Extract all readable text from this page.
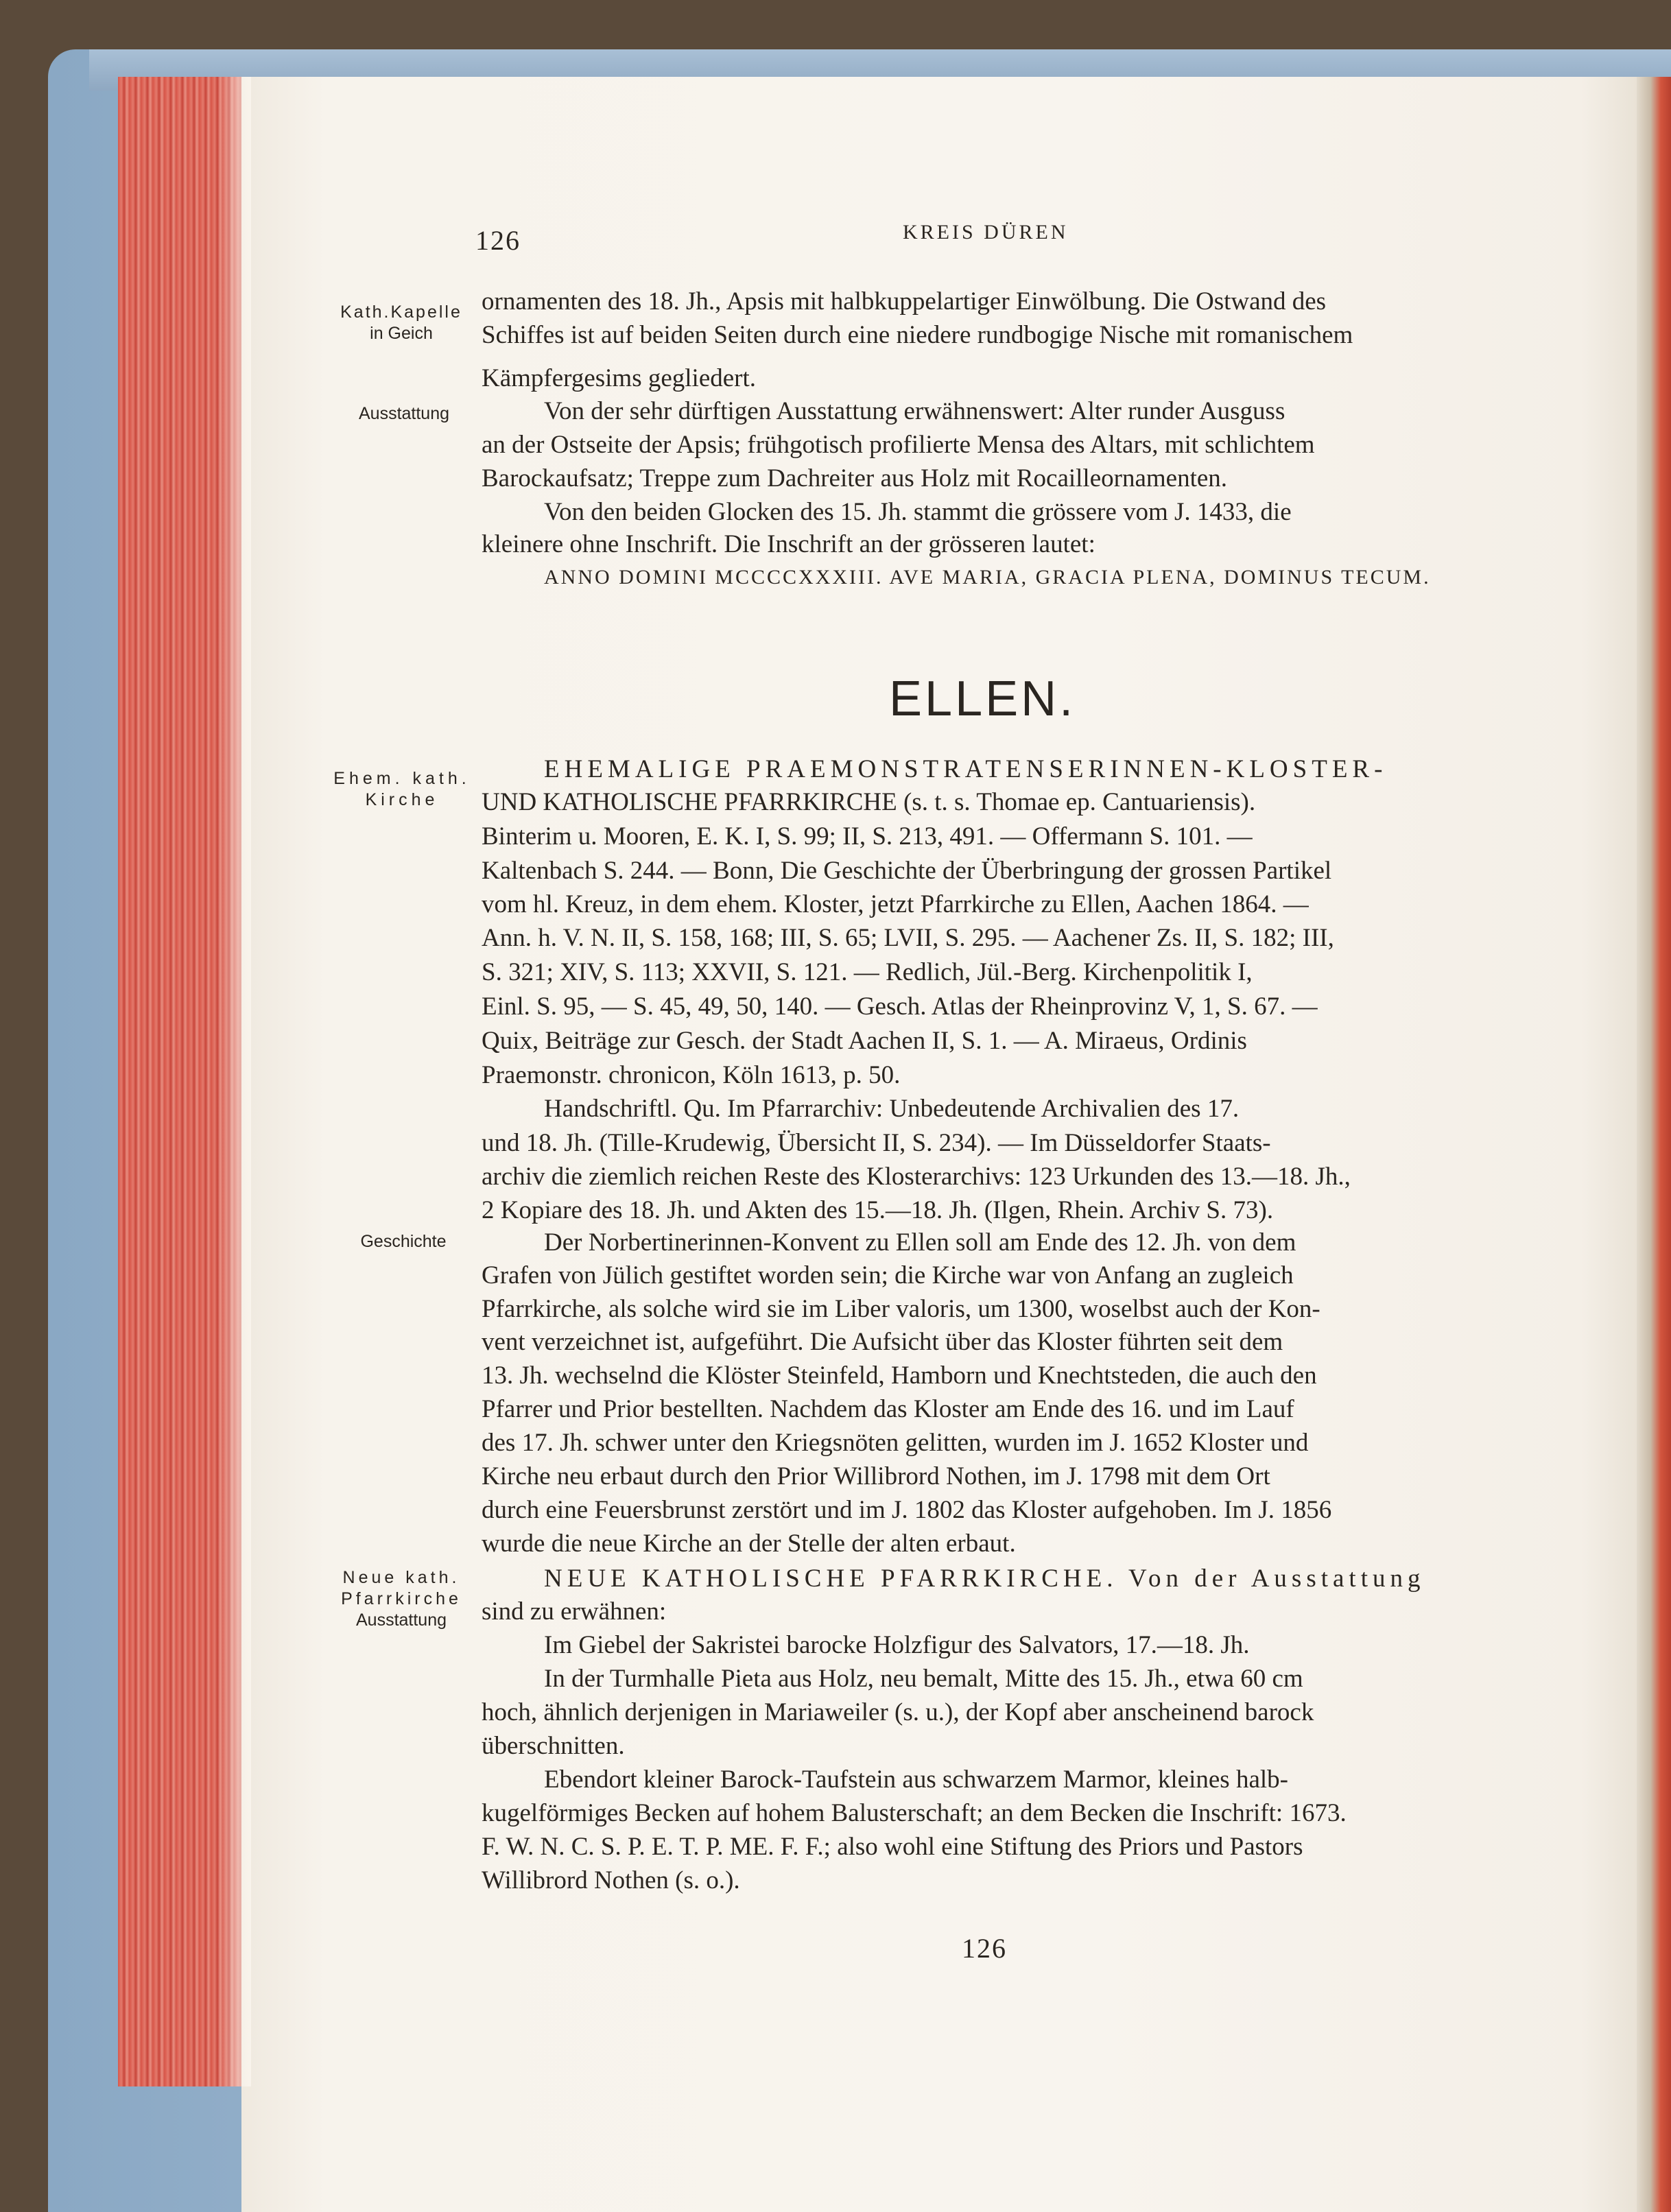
126	KREIS DÜREN
Kath.Kapelle
in Geich
Ausstattung
Ehem. kath.
Kirche
Geschichte
Neue kath.
Pfarrkirche
Ausstattung
ornamenten des 18. Jh., Apsis mit halbkuppelartiger Einwölbung. Die Ostwand des
Schiffes ist auf beiden Seiten durch eine niedere rundbogige Nische mit romanischem
Kämpfergesims gegliedert.
Von der sehr dürftigen Ausstattung erwähnenswert: Alter runder Ausguss
an der Ostseite der Apsis; frühgotisch profilierte Mensa des Altars, mit schlichtem
Barockaufsatz; Treppe zum Dachreiter aus Holz mit Rocailleornamenten.
Von den beiden Glocken des 15. Jh. stammt die grössere vom J. 1433, die
kleinere ohne Inschrift. Die Inschrift an der grösseren lautet:
ANNO DOMINI MCCCCXXXIII. AVE MARIA, GRACIA PLENA, DOMINUS TECUM.
ELLEN.
EHEMALIGE PRAEMONSTRATENSERINNEN-KLOSTER-
UND KATHOLISCHE PFARRKIRCHE (s. t. s. Thomae ep. Cantuariensis).
Binterim u. Mooren, E. K. I, S. 99; II, S. 213, 491. — Offermann S. 101. —
Kaltenbach S. 244. — Bonn, Die Geschichte der Überbringung der grossen Partikel
vom hl. Kreuz, in dem ehem. Kloster, jetzt Pfarrkirche zu Ellen, Aachen 1864. —
Ann. h. V. N. II, S. 158, 168; III, S. 65; LVII, S. 295. — Aachener Zs. II, S. 182; III,
S. 321; XIV, S. 113; XXVII, S. 121. — Redlich, Jül.-Berg. Kirchenpolitik I,
Einl. S. 95, — S. 45, 49, 50, 140. — Gesch. Atlas der Rheinprovinz V, 1, S. 67. —
Quix, Beiträge zur Gesch. der Stadt Aachen II, S. 1. — A. Miraeus, Ordinis
Praemonstr. chronicon, Köln 1613, p. 50.
Handschriftl. Qu. Im Pfarrarchiv: Unbedeutende Archivalien des 17.
und 18. Jh. (Tille-Krudewig, Übersicht II, S. 234). — Im Düsseldorfer Staats-
archiv die ziemlich reichen Reste des Klosterarchivs: 123 Urkunden des 13.—18. Jh.,
2 Kopiare des 18. Jh. und Akten des 15.—18. Jh. (Ilgen, Rhein. Archiv S. 73).
Der Norbertinerinnen-Konvent zu Ellen soll am Ende des 12. Jh. von dem
Grafen von Jülich gestiftet worden sein; die Kirche war von Anfang an zugleich
Pfarrkirche, als solche wird sie im Liber valoris, um 1300, woselbst auch der Kon-
vent verzeichnet ist, aufgeführt. Die Aufsicht über das Kloster führten seit dem
13. Jh. wechselnd die Klöster Steinfeld, Hamborn und Knechtsteden, die auch den
Pfarrer und Prior bestellten. Nachdem das Kloster am Ende des 16. und im Lauf
des 17. Jh. schwer unter den Kriegsnöten gelitten, wurden im J. 1652 Kloster und
Kirche neu erbaut durch den Prior Willibrord Nothen, im J. 1798 mit dem Ort
durch eine Feuersbrunst zerstört und im J. 1802 das Kloster aufgehoben. Im J. 1856
wurde die neue Kirche an der Stelle der alten erbaut.
NEUE KATHOLISCHE PFARRKIRCHE. Von der Ausstattung
sind zu erwähnen:
Im Giebel der Sakristei barocke Holzfigur des Salvators, 17.—18. Jh.
In der Turmhalle Pieta aus Holz, neu bemalt, Mitte des 15. Jh., etwa 60 cm
hoch, ähnlich derjenigen in Mariaweiler (s. u.), der Kopf aber anscheinend barock
überschnitten.
Ebendort kleiner Barock-Taufstein aus schwarzem Marmor, kleines halb-
kugelförmiges Becken auf hohem Balusterschaft; an dem Becken die Inschrift: 1673.
F. W. N. C. S. P. E. T. P. ME. F. F.; also wohl eine Stiftung des Priors und Pastors
Willibrord Nothen (s. o.).
126
